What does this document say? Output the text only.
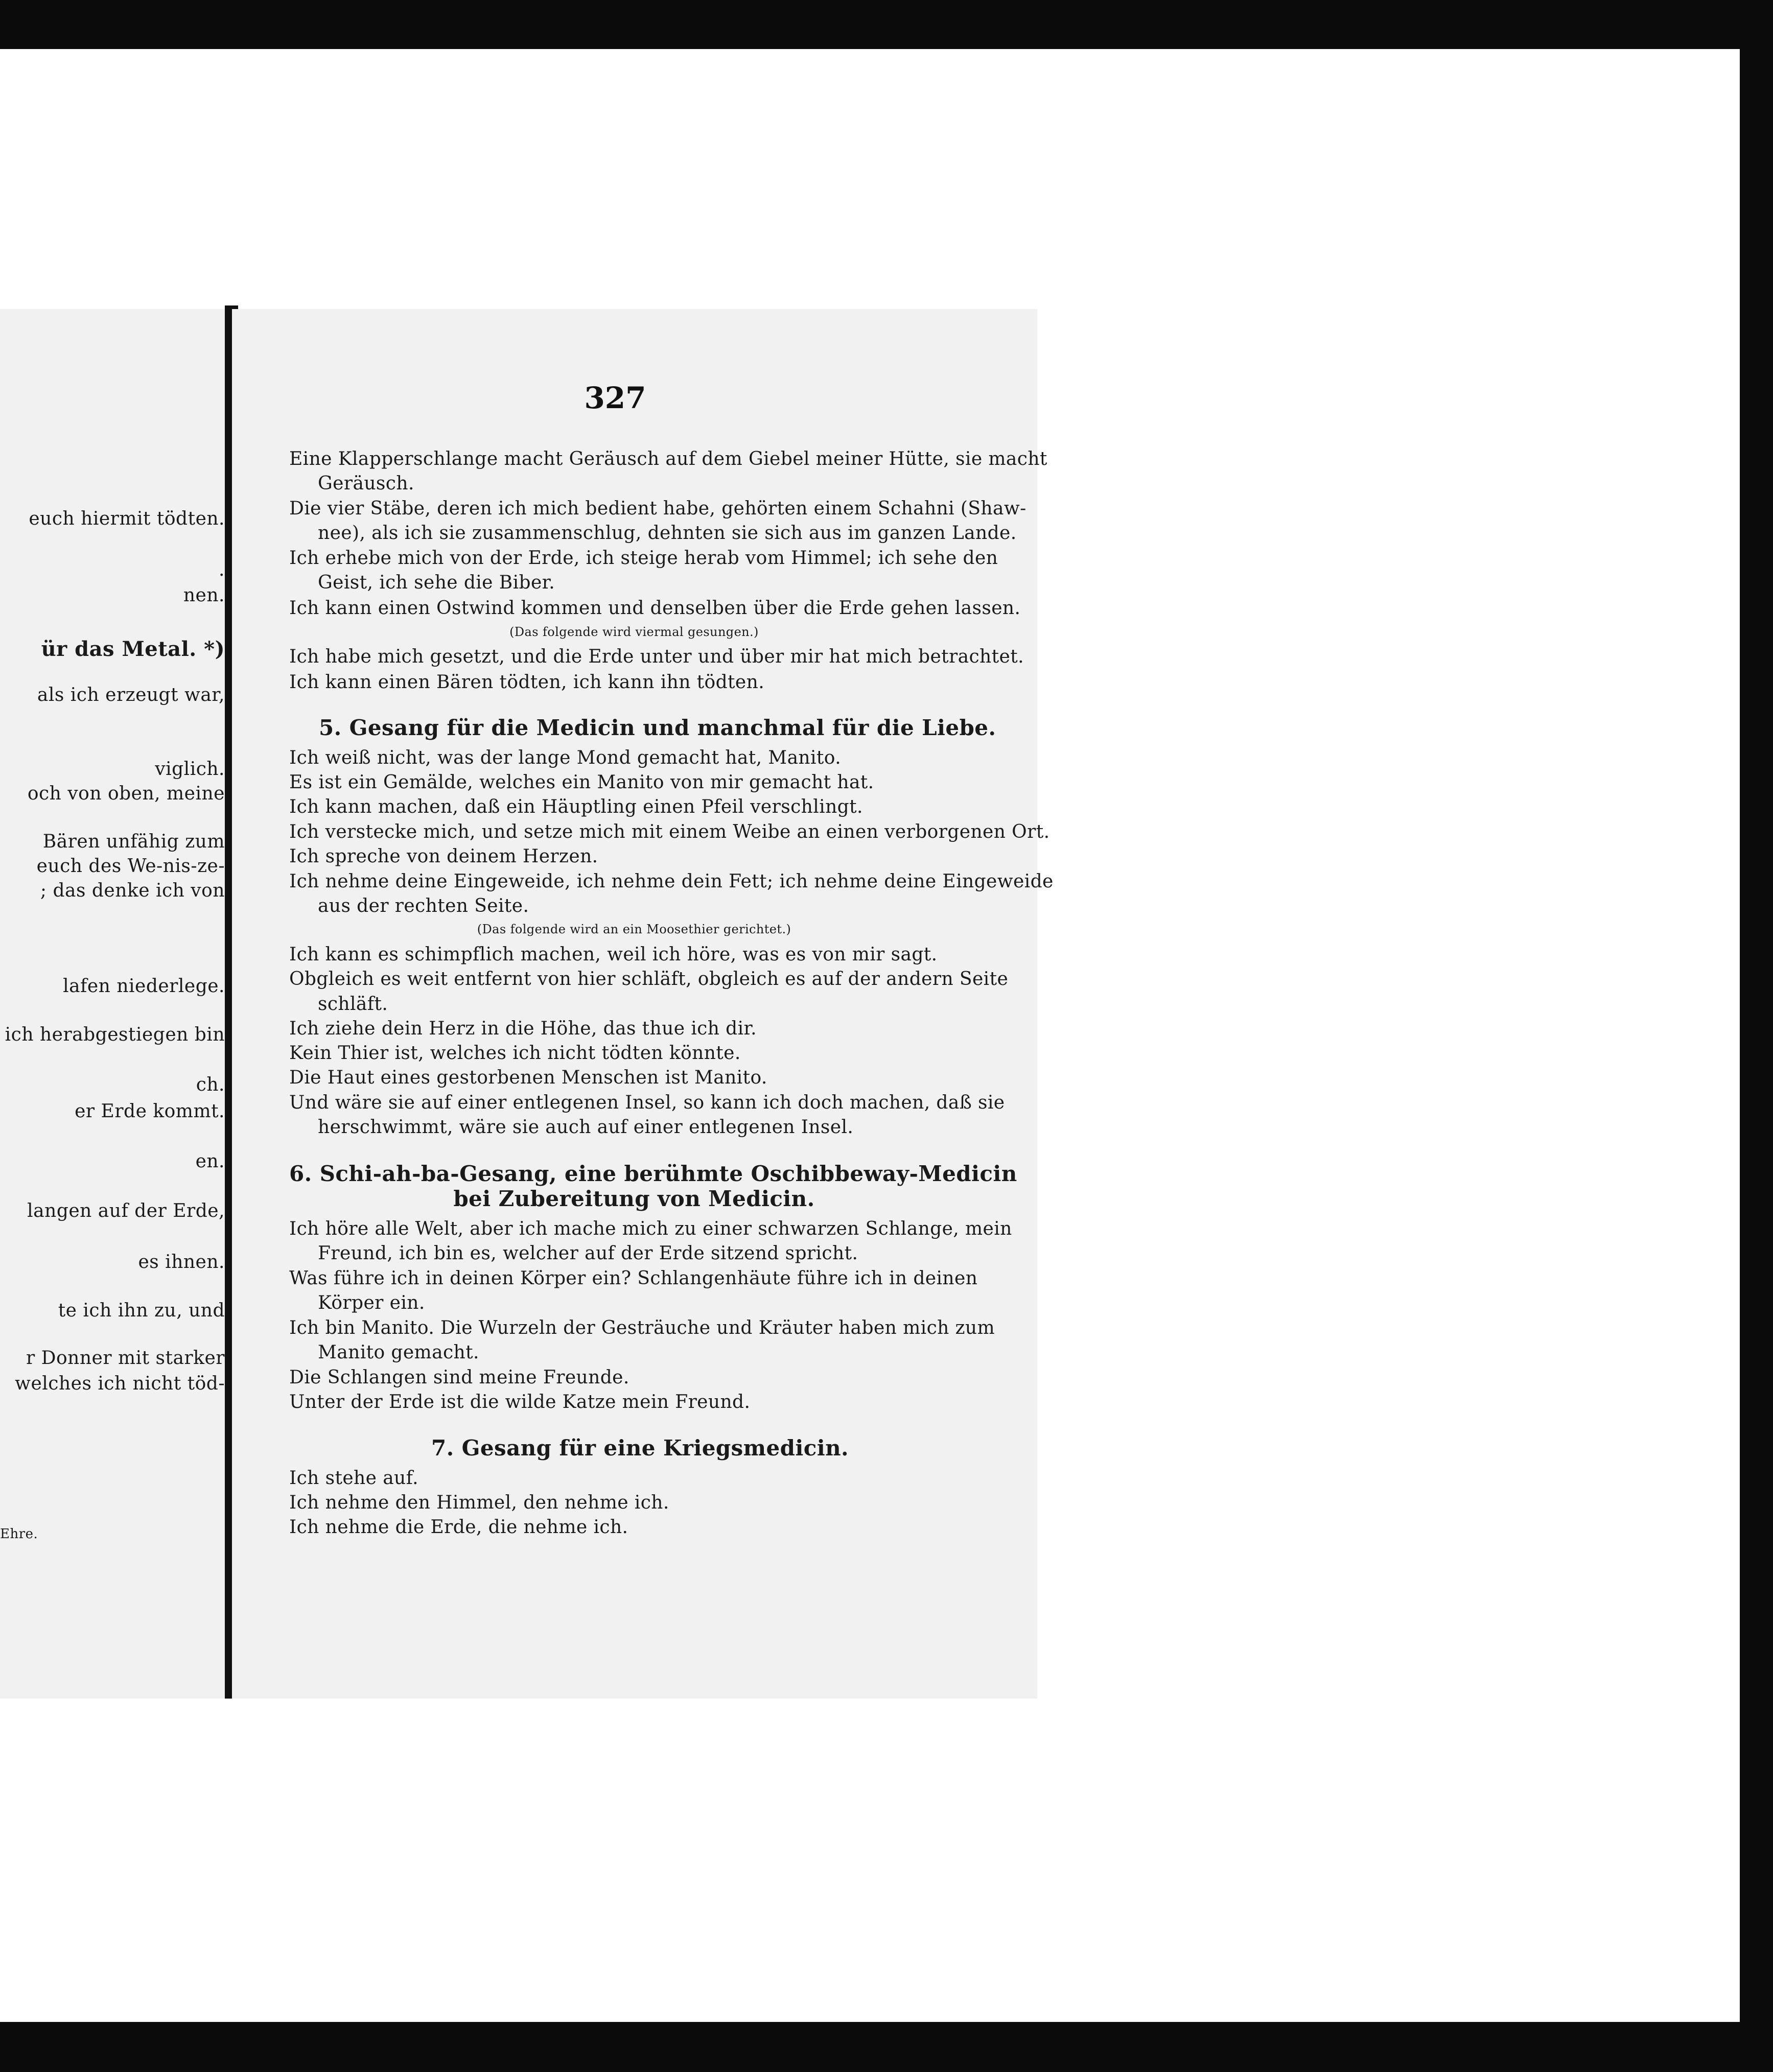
euch hiermit tödten.
.
nen.
ür das Metal. *)
als ich erzeugt war,
viglich.
och von oben, meine
Bären unfähig zum
euch des We-nis-ze-
; das denke ich von
lafen niederlege.
ich herabgestiegen bin
ch.
er Erde kommt.
en.
langen auf der Erde,
es ihnen.
te ich ihn zu, und
r Donner mit starker
welches ich nicht töd-
Ehre.
327
Eine Klapperschlange macht Geräusch auf dem Giebel meiner Hütte, sie macht
Geräusch.
Die vier Stäbe, deren ich mich bedient habe, gehörten einem Schahni (Shaw-
nee), als ich sie zusammenschlug, dehnten sie sich aus im ganzen Lande.
Ich erhebe mich von der Erde, ich steige herab vom Himmel; ich sehe den
Geist, ich sehe die Biber.
Ich kann einen Ostwind kommen und denselben über die Erde gehen lassen.
(Das folgende wird viermal gesungen.)
Ich habe mich gesetzt, und die Erde unter und über mir hat mich betrachtet.
Ich kann einen Bären tödten, ich kann ihn tödten.
5. Gesang für die Medicin und manchmal für die Liebe.
Ich weiß nicht, was der lange Mond gemacht hat, Manito.
Es ist ein Gemälde, welches ein Manito von mir gemacht hat.
Ich kann machen, daß ein Häuptling einen Pfeil verschlingt.
Ich verstecke mich, und setze mich mit einem Weibe an einen verborgenen Ort.
Ich spreche von deinem Herzen.
Ich nehme deine Eingeweide, ich nehme dein Fett; ich nehme deine Eingeweide
aus der rechten Seite.
(Das folgende wird an ein Moosethier gerichtet.)
Ich kann es schimpflich machen, weil ich höre, was es von mir sagt.
Obgleich es weit entfernt von hier schläft, obgleich es auf der andern Seite
schläft.
Ich ziehe dein Herz in die Höhe, das thue ich dir.
Kein Thier ist, welches ich nicht tödten könnte.
Die Haut eines gestorbenen Menschen ist Manito.
Und wäre sie auf einer entlegenen Insel, so kann ich doch machen, daß sie
herschwimmt, wäre sie auch auf einer entlegenen Insel.
6. Schi-ah-ba-Gesang, eine berühmte Oschibbeway-Medicin
bei Zubereitung von Medicin.
Ich höre alle Welt, aber ich mache mich zu einer schwarzen Schlange, mein
Freund, ich bin es, welcher auf der Erde sitzend spricht.
Was führe ich in deinen Körper ein? Schlangenhäute führe ich in deinen
Körper ein.
Ich bin Manito. Die Wurzeln der Gesträuche und Kräuter haben mich zum
Manito gemacht.
Die Schlangen sind meine Freunde.
Unter der Erde ist die wilde Katze mein Freund.
7. Gesang für eine Kriegsmedicin.
Ich stehe auf.
Ich nehme den Himmel, den nehme ich.
Ich nehme die Erde, die nehme ich.
